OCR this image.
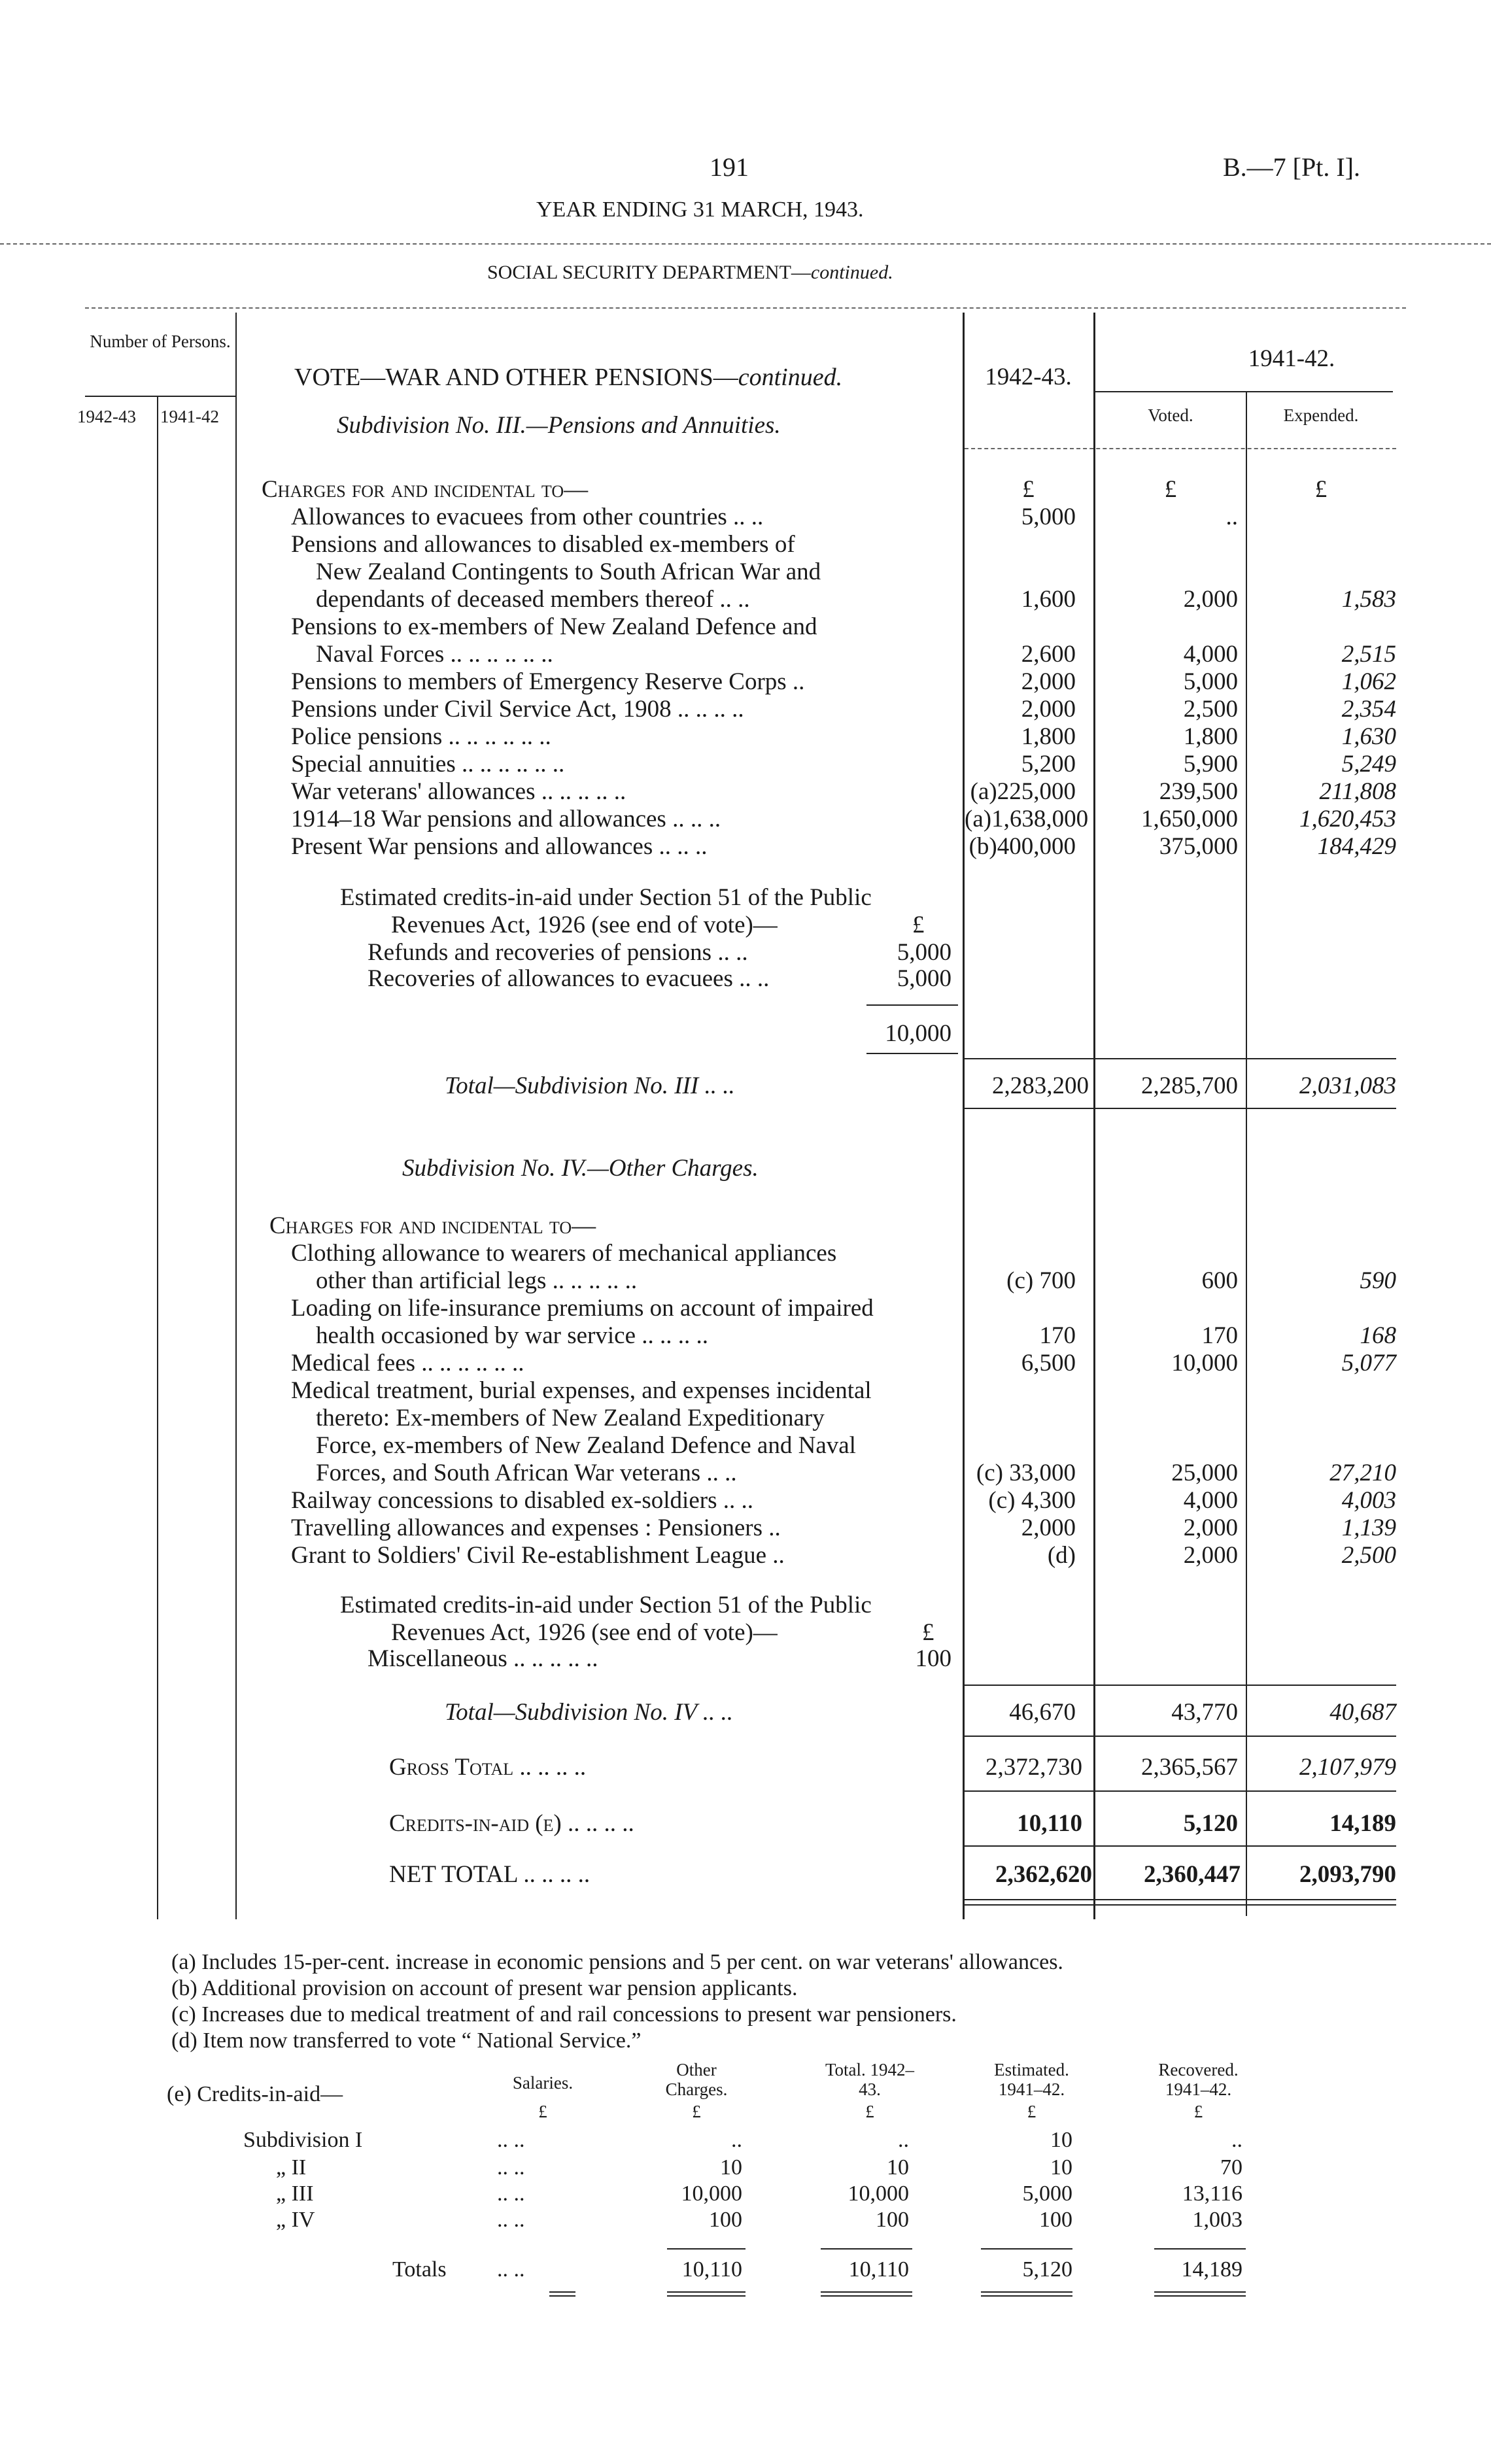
191	B.—7 [Pt. I].
YEAR ENDING 31 MARCH, 1943.
SOCIAL SECURITY DEPARTMENT—continued.
Number of Persons.
1942-43 1941-42
VOTE—WAR AND OTHER PENSIONS—continued.	1942-43.
1941-42.
Voted.	Expended.
Subdivision No. III.—Pensions and Annuities.
Charges for and incidental to—	£	£	£
Allowances to evacuees from other countries .. ..	5,000	..
Pensions and allowances to disabled ex-members of
New Zealand Contingents to South African War and
dependants of deceased members thereof .. ..	1,600	2,000	1,583
Pensions to ex-members of New Zealand Defence and
Naval Forces .. .. .. .. .. ..	2,600	4,000	2,515
Pensions to members of Emergency Reserve Corps ..	2,000	5,000	1,062
Pensions under Civil Service Act, 1908 .. .. .. ..	2,000	2,500	2,354
Police pensions .. .. .. .. .. ..	1,800	1,800	1,630
Special annuities .. .. .. .. .. ..	5,200	5,900	5,249
War veterans' allowances .. .. .. .. ..	(a)225,000	239,500	211,808
1914–18 War pensions and allowances .. .. ..	(a)1,638,000	1,650,000	1,620,453
Present War pensions and allowances .. .. ..	(b)400,000	375,000	184,429
Estimated credits-in-aid under Section 51 of the Public
Revenues Act, 1926 (see end of vote)—	£
Refunds and recoveries of pensions .. ..	5,000
Recoveries of allowances to evacuees .. ..	5,000
10,000
Total—Subdivision No. III .. ..	2,283,200	2,285,700	2,031,083
Subdivision No. IV.—Other Charges.
Charges for and incidental to—
Clothing allowance to wearers of mechanical appliances
other than artificial legs .. .. .. .. ..	(c) 700	600	590
Loading on life-insurance premiums on account of impaired
health occasioned by war service .. .. .. ..	170	170	168
Medical fees .. .. .. .. .. ..	6,500	10,000	5,077
Medical treatment, burial expenses, and expenses incidental
thereto: Ex-members of New Zealand Expeditionary
Force, ex-members of New Zealand Defence and Naval
Forces, and South African War veterans .. ..	(c) 33,000	25,000	27,210
Railway concessions to disabled ex-soldiers .. ..	(c) 4,300	4,000	4,003
Travelling allowances and expenses : Pensioners ..	2,000	2,000	1,139
Grant to Soldiers' Civil Re-establishment League ..	(d)	2,000	2,500
Estimated credits-in-aid under Section 51 of the Public
Revenues Act, 1926 (see end of vote)—	£
Miscellaneous .. .. .. .. ..	100
Total—Subdivision No. IV .. ..	46,670	43,770	40,687
Gross Total .. .. .. ..	2,372,730	2,365,567	2,107,979
Credits-in-aid (e) .. .. .. ..	10,110	5,120	14,189
NET TOTAL .. .. .. ..	2,362,620	2,360,447	2,093,790
(a) Includes 15-per-cent. increase in economic pensions and 5 per cent. on war veterans' allowances.
(b) Additional provision on account of present war pension applicants.
(c) Increases due to medical treatment of and rail concessions to present war pensioners.
(d) Item now transferred to vote “ National Service.”
(e) Credits-in-aid—	Salaries.
Other Charges.
Total. 1942–43.
Estimated. 1941–42.
Recovered. 1941–42.
£	£	£	£	£
Subdivision I	.. ..	..	..	10	..
„ II	.. ..	10	10	10	70
„ III	.. ..	10,000	10,000	5,000	13,116
„ IV	.. ..	100	100	100	1,003
Totals .. ..	10,110	10,110	5,120	14,189
